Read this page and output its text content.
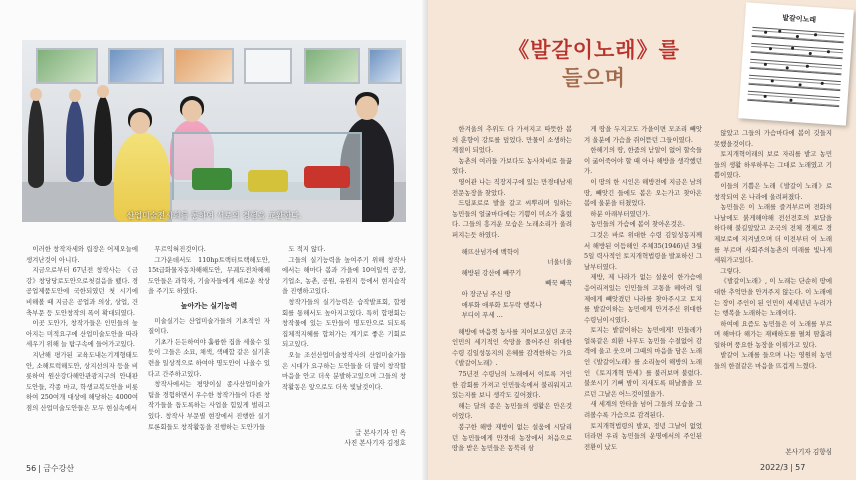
산업미술전시회를 통하여 서로의 경험을 교환한다.

이러한 창작자세와 립장은 어제오늘에 생겨난것이 아니다.

지금으로부터 67년전 창작사는 《금강》창당당로도안으로첫걸음을 뗐다. 경공업제품도안에 국한되였던 첫 시기에 비해볼 때 지금은 공업과 의상, 상업, 건축부문 등 도안창작의 폭이 확대되였다.

이곳 도안가, 창작가들은 인민들의 높아지는 미적요구에 산업미술도안을 따라세우기 위해 늘 탐구속에 들어가고있다.

지난해 평가된 교육도내논기계형태도안, 소해트럭해도안, 상지선의자 등을 비롯하여 원산강다해안관광지구의 안내판도안들, 각종 마교, 학생교복도안을 비롯하여 250여개 대상에 해당하는 4000여점의 산업미술도안들은 모두 현실속에서

무르익혀진것이다.

그가운데서도 110hp트랙터트랙해도안, 15t급화물자동차해해도안, 무궤도전차해해도안들은 과학자, 기술자들에게 새로운 착상을 주기도 하였다.

높아가는 실기능력

미술실기는 산업미술가들의 기초적인 자질이다.

기초가 든든하여야 훌륭한 집을 세울수 있듯이 그들은 소묘, 채색, 색배합 같은 실기훈련을 일상적으로 하여야 명도안이 나올수 있다고 간주하고있다.

창작사에서는 평양이실 종사산업미술가 팀을 경험하면서 우수한 창작가들이 다른 창작가들을 돕도록하는 사업을 힘있게 벌리고있다. 창작사 부문별 현장에서 진행한 실기 토론회들도 창작활동을 진행하는 도안가들

도 적지 않다.

그들의 실기능력을 높여주기 위해 창작사에서는 해마다 봄과 가을에 10여일씩 공장, 기업소, 농촌, 공원, 유원지 등에서 현지습작을 진행하고있다.

창작가들의 실기능력은 습작발표회, 합평회를 통해서도 높아지고있다. 특히 합평회는 창작물에 있는 도안들이 명도안으로 되도록 집체적지혜를 합쳐가는 계기로 좋은 기회로 되고있다.

오늘 조선산업미술창작사의 산업미술가들은 시대가 요구하는 도안들을 더 많이 창작할 마음을 안고 더욱 분발하고있으며 그들의 창작활동은 앞으로도 더욱 빛날것이다.

글 본사기자 인 옥
사진 본사기자 김정호
56 금수강산
《발갈이노래》를
들으며
발갈이노래

한겨울의 추위도 다 가셔지고 따뜻한 봄의 훈향이 강토를 덮었다. 만물이 소생하는 계절이 되었다.

농촌의 여러들 가보다도 농사차비로 들끓었다.

영어관 나는 직장지구에 있는 만경대남새전문농장을 찾았다.

드팀포로로 발을 갈고 씨뿌리며 일하는 농민들의 얼굴마다에는 기쁨이 미소가 흘렀다. 그들의 흥겨운 모습은 노래소리가 울려퍼지는듯 하였다.

해뜨산넘가에 백학이
너울너울
해방된 강산에 빼꾸기
빼꾹 빼꾹
아 장군님 주신 땅
애루화 애루화 토두락 행복나
부디이 푸세 …

해방에 마음껏 농사를 지어보고싶던 조국인민의 세기적인 숙망을 풀어주신 위대한 수령 김일성동지의 은혜를 감격한하는 가요《발갈이노래》.

75년전 수령님의 노래에서 이토록 거인한 감회를 가져고 인민들속에서 불리워지고있는지를 보니 생각도 깊어졌다.

해는 달의 종은 농민들의 생활은 안은것이었다.

봉구한 해방 재방이 없는 설움에 시달리던 농민들에게 만경대 농장에서 처음으로 땅을 받은 농민들은 동북리 삼

게 땅을 두지고도 가을이면 모조리 빼앗겨 울분에 가슴을 쥐어뜯던 그들이였다.

한해기의 땅, 한줌의 낟알이 없어 할숙들이 굶어죽어야 할 때 아나 해방을 생각했던가.

이 땅의 한 시인은 해방전에 지금은 남의 땅, 빼앗긴 들에도 봄은 오는가고 찾아온 봄에 울분을 터쳤었다.

하분 아래부터였던가.

농민들의 가슴에 봄이 찾아온것은.

그것은 바로 위대한 수령 김일성동지께서 해방된 이듬해인 주체35(1946)년 3월 5일 력사적인 토지개혁법령을 발포하신 그날부터였다.

제방, 제 나라가 없는 설움이 한가슴에 응어리져있는 인민들의 고통을 헤아려 일제에게 빼앗겼던 나라를 찾아주시고 토지를 발갈이하는 농민에게 안겨주신 위대한 수령님이시였다.

토지는 밭갈이하는 농민에게! 민들레가 얼룩같은 희환 나무도 농민들 수절없어 감격에 울고 웃으며 그때의 마음을 담은 노래인《발갈이노래》를 소리높이 해방의 노래인 《토지개혁 만세》를 불러보며 불렀다. 불쏘시기 기뻐 밤이 지새도록 떠날줄을 모르던 그날은 어느것이였을가.

새 세계의 안타을 넘어 그들의 모습을 그려볼수록 가슴으로 감격된다.

토지개혁법령의 발포, 정녕 그날이 없었더라면 우리 농민들의 운명에서의 주인된 전환이 났도

않았고 그들의 가슴마다에 봄이 깃들지 못했을것이다.

토지개혁이래의 보로 자리를 밭고 농민들의 생활 하루하루는 그대로 노래였고 기쁨이였다.

이들의 기쁨은 노래《발갈이 노래》로 창작되여 온 나라에 울려퍼졌다.

농민들은 이 노래를 즐겨부르며 전화의 나날에도 붉게해야해 전선전호의 보답을 하다해 불길앞았고 조국의 전체 경제로 경제보로에 지켜냈으며 더 이전부터 이 노래를 부르며 사회주의농촌의 미래를 빛나게 세워가고있다.

그렇다.

《발갈이노래》, 이 노래는 단순히 땅에 대한 추억만을 안겨주지 않는다. 이 노래에는 장이 주인이 된 인민이 세세년년 누려가는 행복을 노래하는 노래이다.

하여에 요즘도 농민들은 이 노래를 부르며 해마다 해가는 재배하도를 펼쳐 땀흘려 일하며 풍요한 농장을 이뤄가고 있다.

밭갈이 노래를 들으며 나는 영원히 농민들의 한결같은 마음을 뜨겁게 느꼈다.

본사기자 김향심
2022/3 57
